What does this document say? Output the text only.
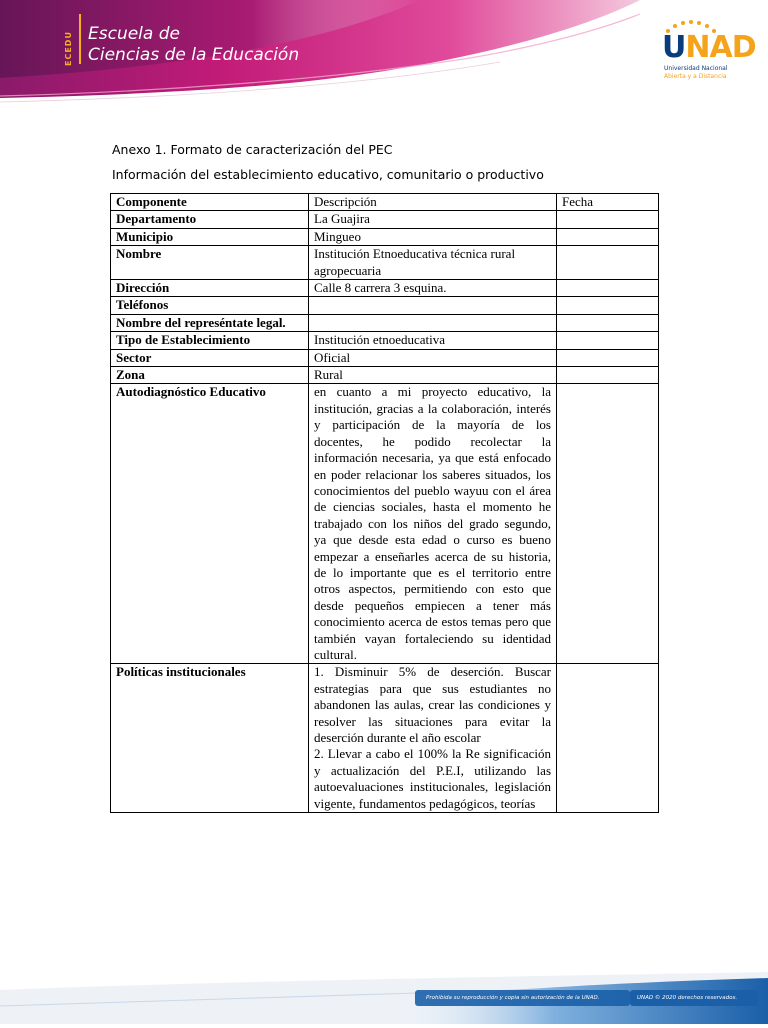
ECEDU Escuela de
Ciencias de la Educación	UNAD
Universidad Nacional
Abierta y a Distancia
Anexo 1. Formato de caracterización del PEC
Información del establecimiento educativo, comunitario o productivo
Componente	Descripción	Fecha
Departamento	La Guajira	
Municipio	Mingueo	
Nombre	Institución Etnoeducativa técnica rural agropecuaria	
Dirección	Calle 8 carrera 3 esquina.	
Teléfonos		
Nombre del represéntate legal.		
Tipo de Establecimiento	Institución etnoeducativa	
Sector	Oficial	
Zona	Rural	
Autodiagnóstico Educativo	en cuanto a mi proyecto educativo, la institución, gracias a la colaboración, interés y participación de la mayoría de los docentes, he podido recolectar la información necesaria, ya que está enfocado en poder relacionar los saberes situados, los conocimientos del pueblo wayuu con el área de ciencias sociales, hasta el momento he trabajado con los niños del grado segundo, ya que desde esta edad o curso es bueno empezar a enseñarles acerca de su historia, de lo importante que es el territorio entre otros aspectos, permitiendo con esto que desde pequeños empiecen a tener más conocimiento acerca de estos temas pero que también vayan fortaleciendo su identidad cultural.	
Políticas institucionales	1. Disminuir 5% de deserción. Buscar estrategias para que sus estudiantes no abandonen las aulas, crear las condiciones y resolver las situaciones para evitar la deserción durante el año escolar
2. Llevar a cabo el 100% la Re significación y actualización del P.E.I, utilizando las autoevaluaciones institucionales, legislación vigente, fundamentos pedagógicos, teorías	

Prohibida su reproducción y copia sin autorización de la UNAD.	UNAD © 2020 derechos reservados.
